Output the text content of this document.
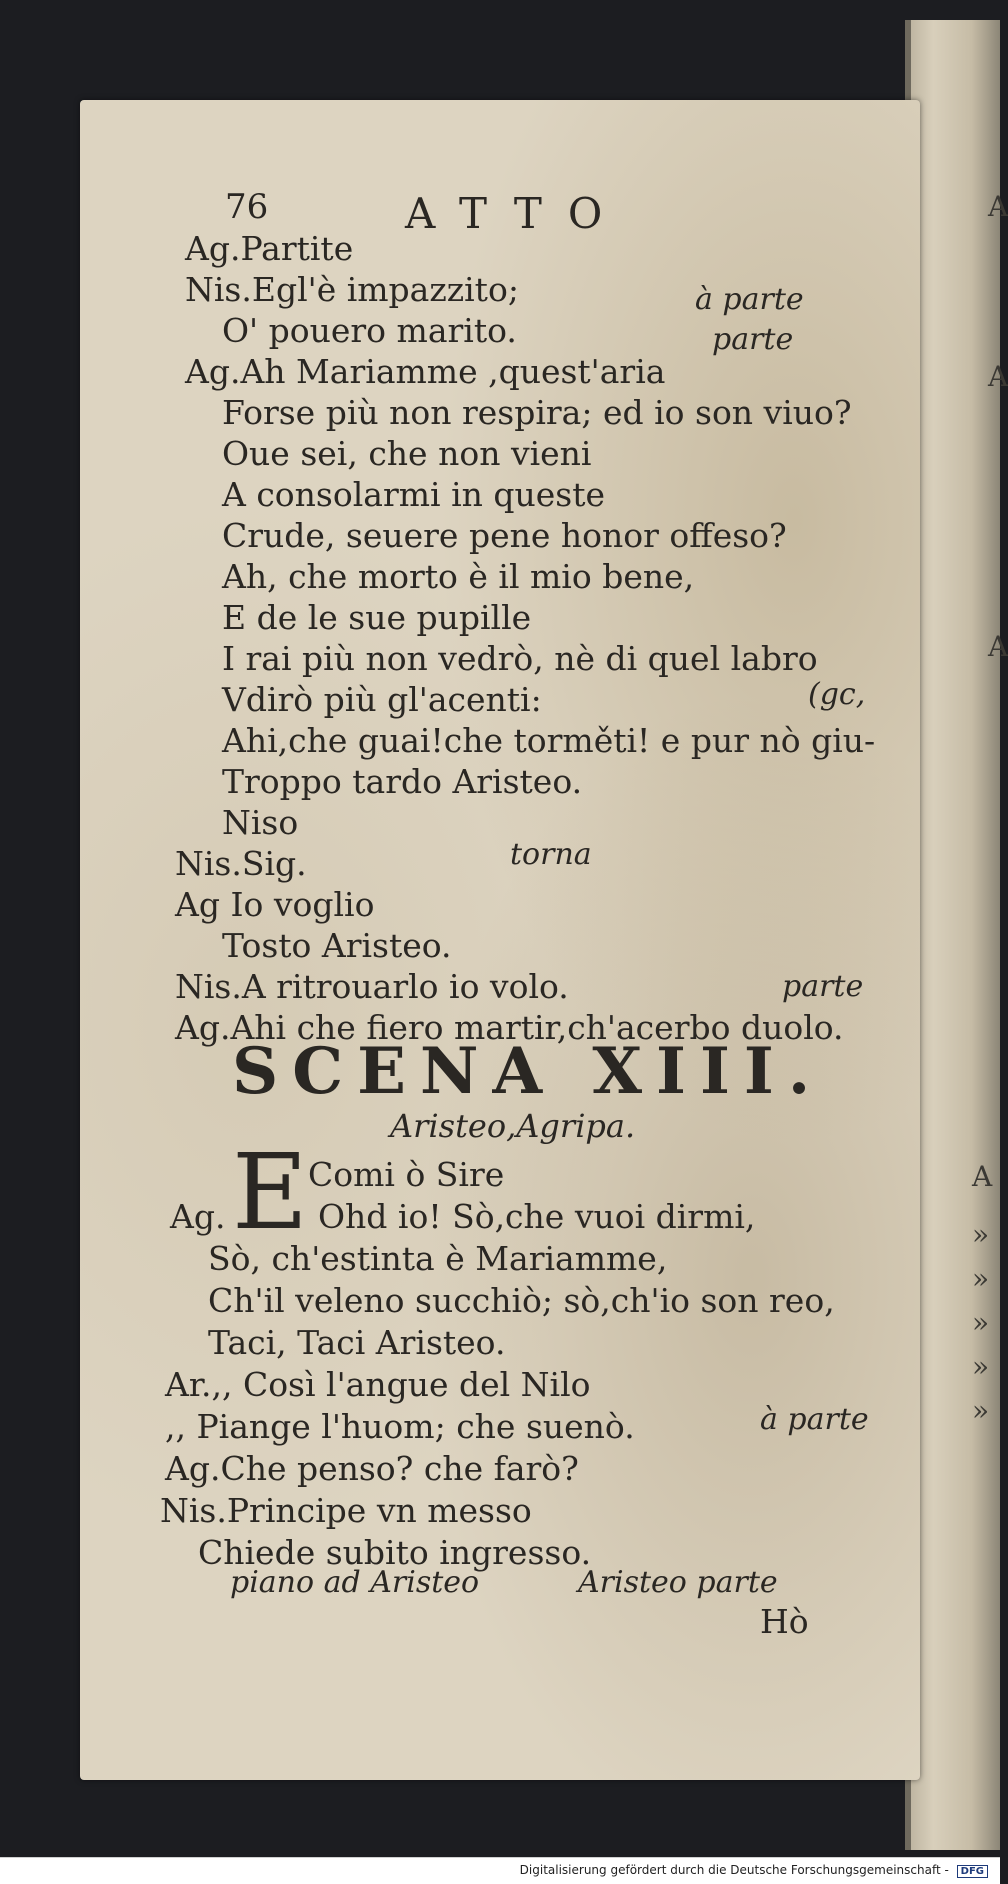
A
A
A
A
»
»
»
»
»
76	ATTO
Ag.Partite
Nis.Egl'è impazzito;
O' pouero marito.
Ag.Ah Mariamme ,quest'aria
Forse più non respira; ed io son viuo?
Oue sei, che non vieni
A consolarmi in queste
Crude, seuere pene honor offeso?
Ah, che morto è il mio bene,
E de le sue pupille
I rai più non vedrò, nè di quel labro
Vdirò più gl'acenti:
Ahi,che guai!che torměti! e pur nò giu-
Troppo tardo Aristeo.
Niso
Nis.Sig.
Ag Io voglio
Tosto Aristeo.
Nis.A ritrouarlo io volo.
Ag.Ahi che fiero martir,ch'acerbo duolo.
Comi ò Sire
Ag.	Ohd io! Sò,che vuoi dirmi,
Sò, ch'estinta è Mariamme,
Ch'il veleno succhiò; sò,ch'io son reo,
Taci, Taci Aristeo.
Ar.,, Così l'angue del Nilo
,, Piange l'huom; che suenò.
Ag.Che penso? che farò?
Nis.Principe vn messo
Chiede subito ingresso.
à parte
parte
(gc,
torna
parte
à parte
piano ad Aristeo	Aristeo parte
SCENA XIII.
Aristeo,Agripa.
E
Hò
Digitalisierung gefördert durch die Deutsche Forschungsgemeinschaft - DFG
